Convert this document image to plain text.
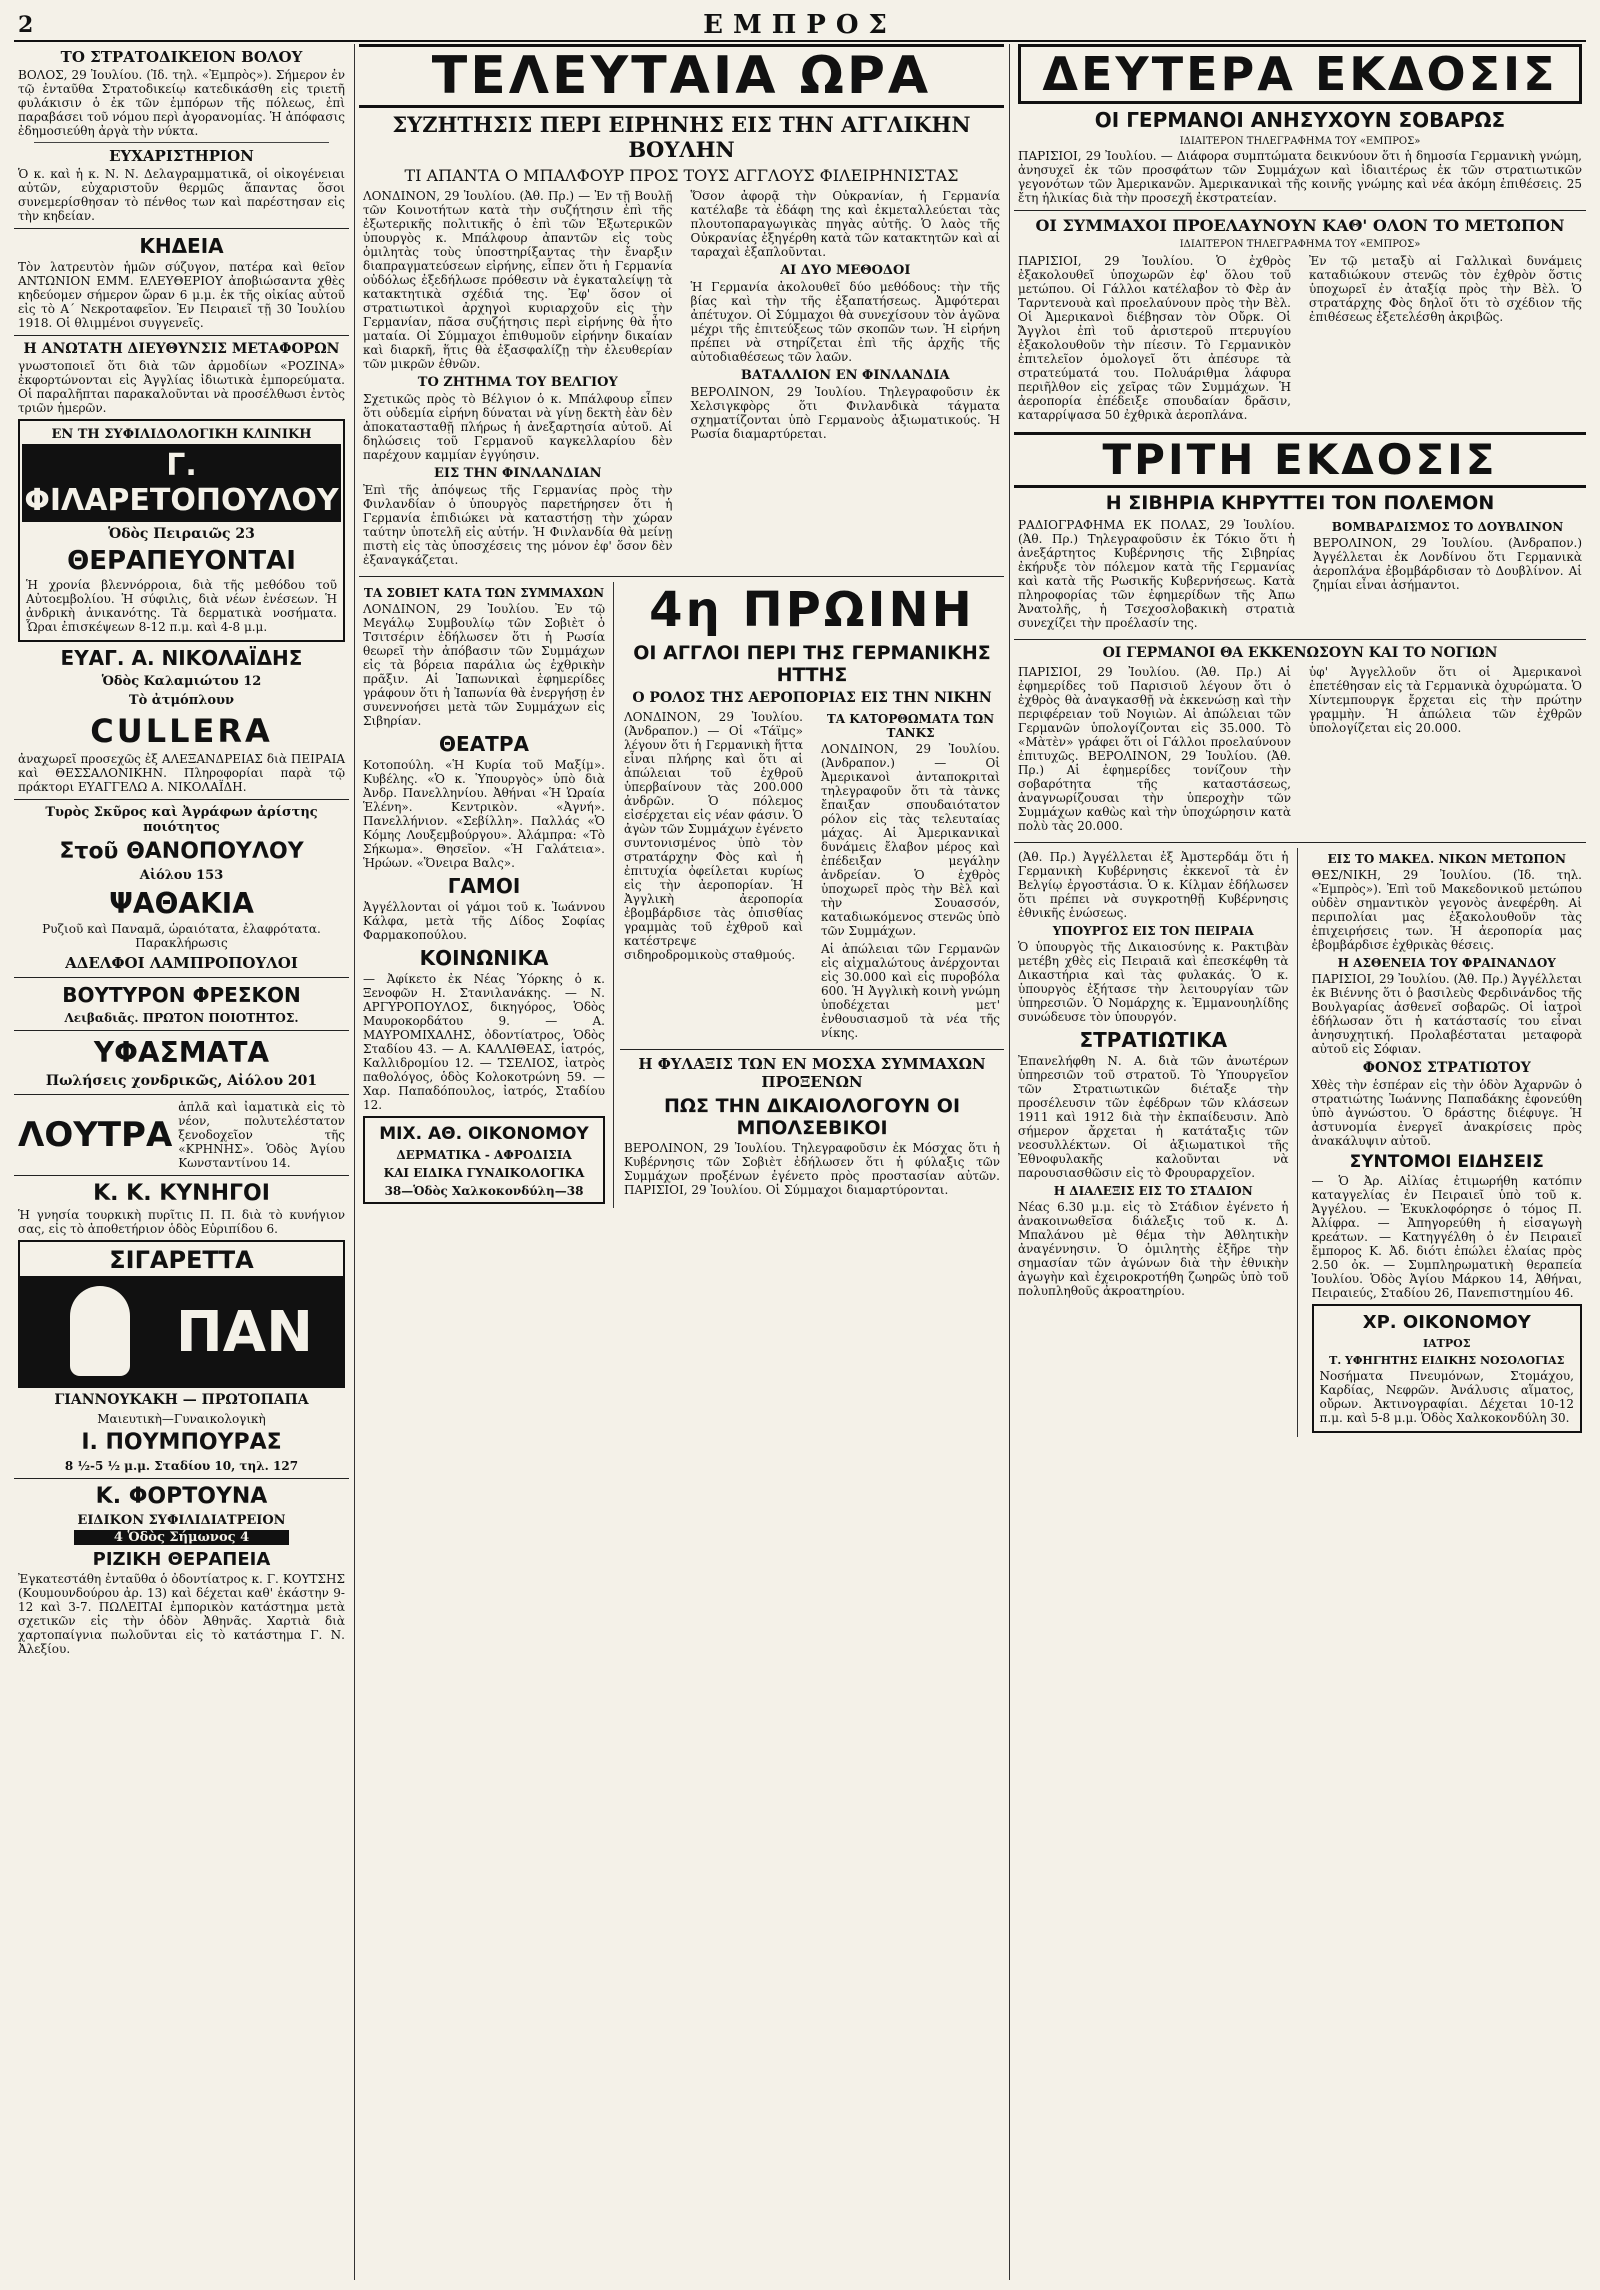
2	ΕΜΠΡΟΣ
ΤΟ ΣΤΡΑΤΟΔΙΚΕΙΟΝ ΒΟΛΟΥ
ΒΟΛΟΣ, 29 Ἰουλίου. (Ἰδ. τηλ. «Ἐμπρὸς»). Σήμερον ἐν τῷ ἐνταῦθα Στρατοδικείῳ κατεδικάσθη εἰς τριετῆ φυλάκισιν ὁ ἐκ τῶν ἐμπόρων τῆς πόλεως, ἐπὶ παραβάσει τοῦ νόμου περὶ ἀγορανομίας. Ἡ ἀπόφασις ἐδημοσιεύθη ἀργὰ τὴν νύκτα.
ΕΥΧΑΡΙΣΤΗΡΙΟΝ
Ὁ κ. καὶ ἡ κ. Ν. Ν. Δελαγραμματικᾶ, οἱ οἰκογένειαι αὐτῶν, εὐχαριστοῦν θερμῶς ἅπαντας ὅσοι συνεμερίσθησαν τὸ πένθος των καὶ παρέστησαν εἰς τὴν κηδείαν.
ΚΗΔΕΙΑ
Τὸν λατρευτὸν ἡμῶν σύζυγον, πατέρα καὶ θεῖον ΑΝΤΩΝΙΟΝ ΕΜΜ. ΕΛΕΥΘΕΡΙΟΥ ἀποβιώσαντα χθὲς κηδεύομεν σήμερον ὥραν 6 μ.μ. ἐκ τῆς οἰκίας αὐτοῦ εἰς τὸ Α΄ Νεκροταφεῖον. Ἐν Πειραιεῖ τῇ 30 Ἰουλίου 1918. Οἱ θλιμμένοι συγγενεῖς.
Η ΑΝΩΤΑΤΗ ΔΙΕΥΘΥΝΣΙΣ ΜΕΤΑΦΟΡΩΝ
γνωστοποιεῖ ὅτι διὰ τῶν ἀρμοδίων «ΡΟΖΙΝΑ» ἐκφορτώνονται εἰς Ἀγγλίας ἰδιωτικὰ ἐμπορεύματα. Οἱ παραλῆπται παρακαλοῦνται νὰ προσέλθωσι ἐντὸς τριῶν ἡμερῶν.
ΕΝ ΤΗ ΣΥΦΙΛΙΔΟΛΟΓΙΚΗ ΚΛΙΝΙΚΗ
Γ. ΦΙΛΑΡΕΤΟΠΟΥΛΟΥ
Ὁδὸς Πειραιῶς 23
ΘΕΡΑΠΕΥΟΝΤΑΙ
Ἡ χρονία βλεννόρροια, διὰ τῆς μεθόδου τοῦ Αὐτοεμβολίου. Ἡ σύφιλις, διὰ νέων ἐνέσεων. Ἡ ἀνδρικὴ ἀνικανότης. Τὰ δερματικὰ νοσήματα. Ὧραι ἐπισκέψεων 8-12 π.μ. καὶ 4-8 μ.μ.
ΕΥΑΓ. Α. ΝΙΚΟΛΑΪΔΗΣ
Ὁδὸς Καλαμιώτου 12
Τὸ ἀτμόπλουν
CULLERA
ἀναχωρεῖ προσεχῶς ἐξ ΑΛΕΞΑΝΔΡΕΙΑΣ διὰ ΠΕΙΡΑΙΑ καὶ ΘΕΣΣΑΛΟΝΙΚΗΝ. Πληροφορίαι παρὰ τῷ πράκτορι ΕΥΑΓΓΕΛΩ Α. ΝΙΚΟΛΑΪΔΗ.
Τυρὸς Σκῦρος καὶ Ἀγράφων ἀρίστης ποιότητος
Στοῦ ΘΑΝΟΠΟΥΛΟΥ
Αἰόλου 153
ΨΑΘΑΚΙΑ
Ρυζιοῦ καὶ Παναμᾶ, ὡραιότατα, ἐλαφρότατα. Παρακλήρωσις
ΑΔΕΛΦΟΙ ΛΑΜΠΡΟΠΟΥΛΟΙ
ΒΟΥΤΥΡΟΝ ΦΡΕΣΚΟΝ
Λειβαδιᾶς. ΠΡΩΤΟΝ ΠΟΙΟΤΗΤΟΣ.
ΥΦΑΣΜΑΤΑ
Πωλήσεις χονδρικῶς, Αἰόλου 201
ΛΟΥΤΡΑ
ἁπλᾶ καὶ ἰαματικὰ εἰς τὸ νέον, πολυτελέστατον ξενοδοχεῖον τῆς «ΚΡΗΝΗΣ». Ὁδὸς Ἀγίου Κωνσταντίνου 14.
Κ. Κ. ΚΥΝΗΓΟΙ
Ἡ γνησία τουρκικὴ πυρῖτις Π. Π. διὰ τὸ κυνήγιον σας, εἰς τὸ ἀποθετήριον ὁδὸς Εὐριπίδου 6.
ΣΙΓΑΡΕΤΤΑ
ΠΑΝ
ΓΙΑΝΝΟΥΚΑΚΗ — ΠΡΩΤΟΠΑΠΑ
Μαιευτικὴ—Γυναικολογικὴ
Ι. ΠΟΥΜΠΟΥΡΑΣ
8 ½-5 ½ μ.μ. Σταδίου 10, τηλ. 127
Κ. ΦΟΡΤΟΥΝΑ
ΕΙΔΙΚΟΝ ΣΥΦΙΛΙΔΙΑΤΡΕΙΟΝ
4 Ὁδὸς Σήμωνος 4
ΡΙΖΙΚΗ ΘΕΡΑΠΕΙΑ
Ἐγκατεστάθη ἐνταῦθα ὁ ὀδοντίατρος κ. Γ. ΚΟΥΤΣΗΣ (Κουμουνδούρου ἀρ. 13) καὶ δέχεται καθ' ἑκάστην 9-12 καὶ 3-7. ΠΩΛΕΙΤΑΙ ἐμπορικὸν κατάστημα μετὰ σχετικῶν εἰς τὴν ὁδὸν Ἀθηνᾶς. Χαρτιὰ διὰ χαρτοπαίγνια πωλοῦνται εἰς τὸ κατάστημα Γ. Ν. Ἀλεξίου.
ΤΕΛΕΥΤΑΙΑ ΩΡΑ
ΣΥΖΗΤΗΣΙΣ ΠΕΡΙ ΕΙΡΗΝΗΣ ΕΙΣ ΤΗΝ ΑΓΓΛΙΚΗΝ ΒΟΥΛΗΝ
ΤΙ ΑΠΑΝΤΑ Ο ΜΠΑΛΦΟΥΡ ΠΡΟΣ ΤΟΥΣ ΑΓΓΛΟΥΣ ΦΙΛΕΙΡΗΝΙΣΤΑΣ
ΛΟΝΔΙΝΟΝ, 29 Ἰουλίου. (Ἀθ. Πρ.) — Ἐν τῇ Βουλῇ τῶν Κοινοτήτων κατὰ τὴν συζήτησιν ἐπὶ τῆς ἐξωτερικῆς πολιτικῆς ὁ ἐπὶ τῶν Ἐξωτερικῶν ὑπουργὸς κ. Μπάλφουρ ἀπαντῶν εἰς τοὺς ὁμιλητὰς τοὺς ὑποστηρίξαντας τὴν ἔναρξιν διαπραγματεύσεων εἰρήνης, εἶπεν ὅτι ἡ Γερμανία οὐδόλως ἐξεδήλωσε πρόθεσιν νὰ ἐγκαταλείψῃ τὰ κατακτητικὰ σχέδιά της. Ἐφ' ὅσον οἱ στρατιωτικοὶ ἀρχηγοὶ κυριαρχοῦν εἰς τὴν Γερμανίαν, πᾶσα συζήτησις περὶ εἰρήνης θὰ ἦτο ματαία. Οἱ Σύμμαχοι ἐπιθυμοῦν εἰρήνην δικαίαν καὶ διαρκῆ, ἥτις θὰ ἐξασφαλίζῃ τὴν ἐλευθερίαν τῶν μικρῶν ἐθνῶν.
ΤΟ ΖΗΤΗΜΑ ΤΟΥ ΒΕΛΓΙΟΥ
Σχετικῶς πρὸς τὸ Βέλγιον ὁ κ. Μπάλφουρ εἶπεν ὅτι οὐδεμία εἰρήνη δύναται νὰ γίνῃ δεκτὴ ἐὰν δὲν ἀποκατασταθῇ πλήρως ἡ ἀνεξαρτησία αὐτοῦ. Αἱ δηλώσεις τοῦ Γερμανοῦ καγκελλαρίου δὲν παρέχουν καμμίαν ἐγγύησιν.
ΕΙΣ ΤΗΝ ΦΙΝΛΑΝΔΙΑΝ
Ἐπὶ τῆς ἀπόψεως τῆς Γερμανίας πρὸς τὴν Φινλανδίαν ὁ ὑπουργὸς παρετήρησεν ὅτι ἡ Γερμανία ἐπιδιώκει νὰ καταστήσῃ τὴν χώραν ταύτην ὑποτελῆ εἰς αὐτήν. Ἡ Φινλανδία θὰ μείνῃ πιστὴ εἰς τὰς ὑποσχέσεις της μόνον ἐφ' ὅσον δὲν ἐξαναγκάζεται.
Ὅσον ἀφορᾷ τὴν Οὐκρανίαν, ἡ Γερμανία κατέλαβε τὰ ἐδάφη της καὶ ἐκμεταλλεύεται τὰς πλουτοπαραγωγικὰς πηγὰς αὐτῆς. Ὁ λαὸς τῆς Οὐκρανίας ἐξηγέρθη κατὰ τῶν κατακτητῶν καὶ αἱ ταραχαὶ ἐξαπλοῦνται.
ΑΙ ΔΥΟ ΜΕΘΟΔΟΙ
Ἡ Γερμανία ἀκολουθεῖ δύο μεθόδους: τὴν τῆς βίας καὶ τὴν τῆς ἐξαπατήσεως. Ἀμφότεραι ἀπέτυχον. Οἱ Σύμμαχοι θὰ συνεχίσουν τὸν ἀγῶνα μέχρι τῆς ἐπιτεύξεως τῶν σκοπῶν των. Ἡ εἰρήνη πρέπει νὰ στηρίζεται ἐπὶ τῆς ἀρχῆς τῆς αὐτοδιαθέσεως τῶν λαῶν.
ΒΑΤΑΛΛΙΟΝ ΕΝ ΦΙΝΛΑΝΔΙΑ
ΒΕΡΟΛΙΝΟΝ, 29 Ἰουλίου. Τηλεγραφοῦσιν ἐκ Χελσιγκφὸρς ὅτι Φινλανδικὰ τάγματα σχηματίζονται ὑπὸ Γερμανοὺς ἀξιωματικούς. Ἡ Ρωσία διαμαρτύρεται.
ΤΑ ΣΟΒΙΕΤ ΚΑΤΑ ΤΩΝ ΣΥΜΜΑΧΩΝ
ΛΟΝΔΙΝΟΝ, 29 Ἰουλίου. Ἐν τῷ Μεγάλῳ Συμβουλίῳ τῶν Σοβιὲτ ὁ Τσιτσέριν ἐδήλωσεν ὅτι ἡ Ρωσία θεωρεῖ τὴν ἀπόβασιν τῶν Συμμάχων εἰς τὰ βόρεια παράλια ὡς ἐχθρικὴν πρᾶξιν. Αἱ Ἰαπωνικαὶ ἐφημερίδες γράφουν ὅτι ἡ Ἰαπωνία θὰ ἐνεργήσῃ ἐν συνεννοήσει μετὰ τῶν Συμμάχων εἰς Σιβηρίαν.
ΘΕΑΤΡΑ
Κοτοπούλη. «Ἡ Κυρία τοῦ Μαξίμ». Κυβέλης. «Ὁ κ. Ὑπουργὸς» ὑπὸ διὰ Ἀνδρ. Πανελληνίου. Ἀθήναι «Ἡ Ὡραία Ἑλένη». Κεντρικὸν. «Ἀγνή». Πανελλήνιον. «Σεβίλλη». Παλλάς «Ὁ Κόμης Λουξεμβούργου». Ἀλάμπρα: «Τὸ Σήκωμα». Θησεῖον. «Ἡ Γαλάτεια». Ἡρώων. «Ὅνειρα Βαλς».
ΓΑΜΟΙ
Ἀγγέλλονται οἱ γάμοι τοῦ κ. Ἰωάννου Κάλφα, μετὰ τῆς Δίδος Σοφίας Φαρμακοπούλου.
ΚΟΙΝΩΝΙΚΑ
— Ἀφίκετο ἐκ Νέας Ὑόρκης ὁ κ. Ξενοφῶν Η. Στανιλανάκης. — Ν. ΑΡΓΥΡΟΠΟΥΛΟΣ, δικηγόρος, Ὁδὸς Μαυροκορδάτου 9. — Α. ΜΑΥΡΟΜΙΧΑΛΗΣ, ὀδοντίατρος, Ὁδὸς Σταδίου 43. — Α. ΚΑΛΛΙΘΕΑΣ, ἰατρός, Καλλιδρομίου 12. — ΤΣΕΛΙΟΣ, ἰατρὸς παθολόγος, ὁδὸς Κολοκοτρώνη 59. — Χαρ. Παπαδόπουλος, ἰατρός, Σταδίου 12.
ΜΙΧ. ΑΘ. ΟΙΚΟΝΟΜΟΥ
ΔΕΡΜΑΤΙΚΑ - ΑΦΡΟΔΙΣΙΑ
ΚΑΙ ΕΙΔΙΚΑ ΓΥΝΑΙΚΟΛΟΓΙΚΑ
38—Ὁδὸς Χαλκοκονδύλη—38
4η ΠΡΩΙΝΗ
ΟΙ ΑΓΓΛΟΙ ΠΕΡΙ ΤΗΣ ΓΕΡΜΑΝΙΚΗΣ ΗΤΤΗΣ
Ο ΡΟΛΟΣ ΤΗΣ ΑΕΡΟΠΟΡΙΑΣ ΕΙΣ ΤΗΝ ΝΙΚΗΝ
ΛΟΝΔΙΝΟΝ, 29 Ἰουλίου. (Ἀνδραπον.) — Οἱ «Τάϊμς» λέγουν ὅτι ἡ Γερμανικὴ ἥττα εἶναι πλήρης καὶ ὅτι αἱ ἀπώλειαι τοῦ ἐχθροῦ ὑπερβαίνουν τὰς 200.000 ἀνδρῶν. Ὁ πόλεμος εἰσέρχεται εἰς νέαν φάσιν. Ὁ ἀγὼν τῶν Συμμάχων ἐγένετο συντονισμένος ὑπὸ τὸν στρατάρχην Φὸς καὶ ἡ ἐπιτυχία ὀφείλεται κυρίως εἰς τὴν ἀεροπορίαν. Ἡ Ἀγγλικὴ ἀεροπορία ἐβομβάρδισε τὰς ὀπισθίας γραμμὰς τοῦ ἐχθροῦ καὶ κατέστρεψε σιδηροδρομικοὺς σταθμούς.
ΤΑ ΚΑΤΟΡΘΩΜΑΤΑ ΤΩΝ ΤΑΝΚΣ
ΛΟΝΔΙΝΟΝ, 29 Ἰουλίου. (Ἀνδραπον.) — Οἱ Ἀμερικανοὶ ἀνταποκριταὶ τηλεγραφοῦν ὅτι τὰ τὰνκς ἔπαιξαν σπουδαιότατον ρόλον εἰς τὰς τελευταίας μάχας. Αἱ Ἀμερικανικαὶ δυνάμεις ἔλαβον μέρος καὶ ἐπέδειξαν μεγάλην ἀνδρείαν. Ὁ ἐχθρὸς ὑποχωρεῖ πρὸς τὴν Βὲλ καὶ τὴν Σουασσόν, καταδιωκόμενος στενῶς ὑπὸ τῶν Συμμάχων.
Αἱ ἀπώλειαι τῶν Γερμανῶν εἰς αἰχμαλώτους ἀνέρχονται εἰς 30.000 καὶ εἰς πυροβόλα 600. Ἡ Ἀγγλικὴ κοινὴ γνώμη ὑποδέχεται μετ' ἐνθουσιασμοῦ τὰ νέα τῆς νίκης.
Η ΦΥΛΑΞΙΣ ΤΩΝ ΕΝ ΜΟΣΧΑ ΣΥΜΜΑΧΩΝ ΠΡΟΞΕΝΩΝ
ΠΩΣ ΤΗΝ ΔΙΚΑΙΟΛΟΓΟΥΝ ΟΙ ΜΠΟΛΣΕΒΙΚΟΙ
ΒΕΡΟΛΙΝΟΝ, 29 Ἰουλίου. Τηλεγραφοῦσιν ἐκ Μόσχας ὅτι ἡ Κυβέρνησις τῶν Σοβιὲτ ἐδήλωσεν ὅτι ἡ φύλαξις τῶν Συμμάχων προξένων ἐγένετο πρὸς προστασίαν αὐτῶν. ΠΑΡΙΣΙΟΙ, 29 Ἰουλίου. Οἱ Σύμμαχοι διαμαρτύρονται.
ΔΕΥΤΕΡΑ ΕΚΔΟΣΙΣ
ΟΙ ΓΕΡΜΑΝΟΙ ΑΝΗΣΥΧΟΥΝ ΣΟΒΑΡΩΣ
ΙΔΙΑΙΤΕΡΟΝ ΤΗΛΕΓΡΑΦΗΜΑ ΤΟΥ «ΕΜΠΡΟΣ»
ΠΑΡΙΣΙΟΙ, 29 Ἰουλίου. — Διάφορα συμπτώματα δεικνύουν ὅτι ἡ δημοσία Γερμανικὴ γνώμη, ἀνησυχεῖ ἐκ τῶν προσφάτων τῶν Συμμάχων καὶ ἰδιαιτέρως ἐκ τῶν στρατιωτικῶν γεγονότων τῶν Ἀμερικανῶν. Ἀμερικανικαὶ τῆς κοινῆς γνώμης καὶ νέα ἀκόμη ἐπιθέσεις. 25 ἔτη ἡλικίας διὰ τὴν προσεχῆ ἐκστρατείαν.
ΟΙ ΣΥΜΜΑΧΟΙ ΠΡΟΕΛΑΥΝΟΥΝ ΚΑΘ' ΟΛΟΝ ΤΟ ΜΕΤΩΠΟΝ
ΙΔΙΑΙΤΕΡΟΝ ΤΗΛΕΓΡΑΦΗΜΑ ΤΟΥ «ΕΜΠΡΟΣ»
ΠΑΡΙΣΙΟΙ, 29 Ἰουλίου. Ὁ ἐχθρὸς ἐξακολουθεῖ ὑποχωρῶν ἐφ' ὅλου τοῦ μετώπου. Οἱ Γάλλοι κατέλαβον τὸ Φὲρ ἀν Ταρντενουὰ καὶ προελαύνουν πρὸς τὴν Βὲλ. Οἱ Ἀμερικανοὶ διέβησαν τὸν Οὔρκ. Οἱ Ἄγγλοι ἐπὶ τοῦ ἀριστεροῦ πτερυγίου ἐξακολουθοῦν τὴν πίεσιν. Τὸ Γερμανικὸν ἐπιτελεῖον ὁμολογεῖ ὅτι ἀπέσυρε τὰ στρατεύματά του. Πολυάριθμα λάφυρα περιῆλθον εἰς χεῖρας τῶν Συμμάχων. Ἡ ἀεροπορία ἐπέδειξε σπουδαίαν δρᾶσιν, καταρρίψασα 50 ἐχθρικὰ ἀεροπλάνα.
Ἐν τῷ μεταξὺ αἱ Γαλλικαὶ δυνάμεις καταδιώκουν στενῶς τὸν ἐχθρὸν ὅστις ὑποχωρεῖ ἐν ἀταξίᾳ πρὸς τὴν Βὲλ. Ὁ στρατάρχης Φὸς δηλοῖ ὅτι τὸ σχέδιον τῆς ἐπιθέσεως ἐξετελέσθη ἀκριβῶς.
ΤΡΙΤΗ ΕΚΔΟΣΙΣ
Η ΣΙΒΗΡΙΑ ΚΗΡΥΤΤΕΙ ΤΟΝ ΠΟΛΕΜΟΝ
ΡΑΔΙΟΓΡΑΦΗΜΑ ΕΚ ΠΟΛΑΣ, 29 Ἰουλίου. (Ἀθ. Πρ.) Τηλεγραφοῦσιν ἐκ Τόκιο ὅτι ἡ ἀνεξάρτητος Κυβέρνησις τῆς Σιβηρίας ἐκήρυξε τὸν πόλεμον κατὰ τῆς Γερμανίας καὶ κατὰ τῆς Ρωσικῆς Κυβερνήσεως. Κατὰ πληροφορίας τῶν ἐφημερίδων τῆς Ἀπω Ἀνατολῆς, ἡ Τσεχοσλοβακικὴ στρατιὰ συνεχίζει τὴν προέλασίν της.
ΒΟΜΒΑΡΔΙΣΜΟΣ ΤΟ ΔΟΥΒΛΙΝΟΝ
ΒΕΡΟΛΙΝΟΝ, 29 Ἰουλίου. (Ἀνδραπον.) Ἀγγέλλεται ἐκ Λονδίνου ὅτι Γερμανικὰ ἀεροπλάνα ἐβομβάρδισαν τὸ Δουβλίνον. Αἱ ζημίαι εἶναι ἀσήμαντοι.
ΟΙ ΓΕΡΜΑΝΟΙ ΘΑ ΕΚΚΕΝΩΣΟΥΝ ΚΑΙ ΤΟ ΝΟΓΙΩΝ
ΠΑΡΙΣΙΟΙ, 29 Ἰουλίου. (Ἀθ. Πρ.) Αἱ ἐφημερίδες τοῦ Παρισιοῦ λέγουν ὅτι ὁ ἐχθρὸς θὰ ἀναγκασθῇ νὰ ἐκκενώσῃ καὶ τὴν περιφέρειαν τοῦ Νογιὼν. Αἱ ἀπώλειαι τῶν Γερμανῶν ὑπολογίζονται εἰς 35.000. Τὸ «Μὰτὲν» γράφει ὅτι οἱ Γάλλοι προελαύνουν ἐπιτυχῶς. ΒΕΡΟΛΙΝΟΝ, 29 Ἰουλίου. (Ἀθ. Πρ.) Αἱ ἐφημερίδες τονίζουν τὴν σοβαρότητα τῆς καταστάσεως, ἀναγνωρίζουσαι τὴν ὑπεροχὴν τῶν Συμμάχων καθὼς καὶ τὴν ὑποχώρησιν κατὰ πολὺ τὰς 20.000.
ὑφ' Ἀγγελλοῦν ὅτι οἱ Ἀμερικανοὶ ἐπετέθησαν εἰς τὰ Γερμανικὰ ὀχυρώματα. Ὁ Χίντεμπουργκ ἔρχεται εἰς τὴν πρώτην γραμμὴν. Ἡ ἀπώλεια τῶν ἐχθρῶν ὑπολογίζεται εἰς 20.000.
(Ἀθ. Πρ.) Ἀγγέλλεται ἐξ Ἀμστερδάμ ὅτι ἡ Γερμανικὴ Κυβέρνησις ἐκκενοῖ τὰ ἐν Βελγίῳ ἐργοστάσια. Ὁ κ. Κίλμαν ἐδήλωσεν ὅτι πρέπει νὰ συγκροτηθῇ Κυβέρνησις ἐθνικῆς ἑνώσεως.
ΥΠΟΥΡΓΟΣ ΕΙΣ ΤΟΝ ΠΕΙΡΑΙΑ
Ὁ ὑπουργὸς τῆς Δικαιοσύνης κ. Ρακτιβὰν μετέβη χθὲς εἰς Πειραιᾶ καὶ ἐπεσκέφθη τὰ Δικαστήρια καὶ τὰς φυλακάς. Ὁ κ. ὑπουργὸς ἐξήτασε τὴν λειτουργίαν τῶν ὑπηρεσιῶν. Ὁ Νομάρχης κ. Ἐμμανουηλίδης συνώδευσε τὸν ὑπουργόν.
ΣΤΡΑΤΙΩΤΙΚΑ
Ἐπανελήφθη Ν. Α. διὰ τῶν ἀνωτέρων ὑπηρεσιῶν τοῦ στρατοῦ. Τὸ Ὑπουργεῖον τῶν Στρατιωτικῶν διέταξε τὴν προσέλευσιν τῶν ἐφέδρων τῶν κλάσεων 1911 καὶ 1912 διὰ τὴν ἐκπαίδευσιν. Ἀπὸ σήμερον ἄρχεται ἡ κατάταξις τῶν νεοσυλλέκτων. Οἱ ἀξιωματικοὶ τῆς Ἐθνοφυλακῆς καλοῦνται νὰ παρουσιασθῶσιν εἰς τὸ Φρουραρχεῖον.
Η ΔΙΑΛΕΞΙΣ ΕΙΣ ΤΟ ΣΤΑΔΙΟΝ
Νέας 6.30 μ.μ. εἰς τὸ Στάδιον ἐγένετο ἡ ἀνακοινωθεῖσα διάλεξις τοῦ κ. Δ. Μπαλάνου μὲ θέμα τὴν Ἀθλητικὴν ἀναγέννησιν. Ὁ ὁμιλητὴς ἐξῆρε τὴν σημασίαν τῶν ἀγώνων διὰ τὴν ἐθνικὴν ἀγωγὴν καὶ ἐχειροκροτήθη ζωηρῶς ὑπὸ τοῦ πολυπληθοῦς ἀκροατηρίου.
ΕΙΣ ΤΟ ΜΑΚΕΔ. ΝΙΚΩΝ ΜΕΤΩΠΟΝ
ΘΕΣ/ΝΙΚΗ, 29 Ἰουλίου. (Ἰδ. τηλ. «Ἐμπρὸς»). Ἐπὶ τοῦ Μακεδονικοῦ μετώπου οὐδὲν σημαντικὸν γεγονὸς ἀνεφέρθη. Αἱ περιπολίαι μας ἐξακολουθοῦν τὰς ἐπιχειρήσεις των. Ἡ ἀεροπορία μας ἐβομβάρδισε ἐχθρικὰς θέσεις.
Η ΑΣΘΕΝΕΙΑ ΤΟΥ ΦΡΑΙΝΑΝΔΟΥ
ΠΑΡΙΣΙΟΙ, 29 Ἰουλίου. (Ἀθ. Πρ.) Ἀγγέλλεται ἐκ Βιέννης ὅτι ὁ βασιλεὺς Φερδινάνδος τῆς Βουλγαρίας ἀσθενεῖ σοβαρῶς. Οἱ ἰατροὶ ἐδήλωσαν ὅτι ἡ κατάστασίς του εἶναι ἀνησυχητική. Προλαβέσταται μεταφορὰ αὐτοῦ εἰς Σόφιαν.
ΦΟΝΟΣ ΣΤΡΑΤΙΩΤΟΥ
Χθὲς τὴν ἑσπέραν εἰς τὴν ὁδὸν Ἀχαρνῶν ὁ στρατιώτης Ἰωάννης Παπαδάκης ἐφονεύθη ὑπὸ ἀγνώστου. Ὁ δράστης διέφυγε. Ἡ ἀστυνομία ἐνεργεῖ ἀνακρίσεις πρὸς ἀνακάλυψιν αὐτοῦ.
ΣΥΝΤΟΜΟΙ ΕΙΔΗΣΕΙΣ
— Ὁ Ἀρ. Αἰλίας ἐτιμωρήθη κατόπιν καταγγελίας ἐν Πειραιεῖ ὑπὸ τοῦ κ. Ἀγγέλου. — Ἐκυκλοφόρησε ὁ τόμος Π. Ἀλίφρα. — Ἀπηγορεύθη ἡ εἰσαγωγὴ κρεάτων. — Κατηγγέλθη ὁ ἐν Πειραιεῖ ἔμπορος Κ. Ἀδ. διότι ἐπώλει ἐλαίας πρὸς 2.50 ὀκ. — Συμπληρωματικὴ θεραπεία Ἰουλίου. Ὁδὸς Ἀγίου Μάρκου 14, Ἀθήναι, Πειραιεύς, Σταδίου 26, Πανεπιστημίου 46.
ΧΡ. ΟΙΚΟΝΟΜΟΥ
ΙΑΤΡΟΣ
Τ. ΥΦΗΓΗΤΗΣ ΕΙΔΙΚΗΣ ΝΟΣΟΛΟΓΙΑΣ
Νοσήματα Πνευμόνων, Στομάχου, Καρδίας, Νεφρῶν. Ἀνάλυσις αἵματος, οὔρων. Ἀκτινογραφίαι. Δέχεται 10-12 π.μ. καὶ 5-8 μ.μ. Ὁδὸς Χαλκοκονδύλη 30.
